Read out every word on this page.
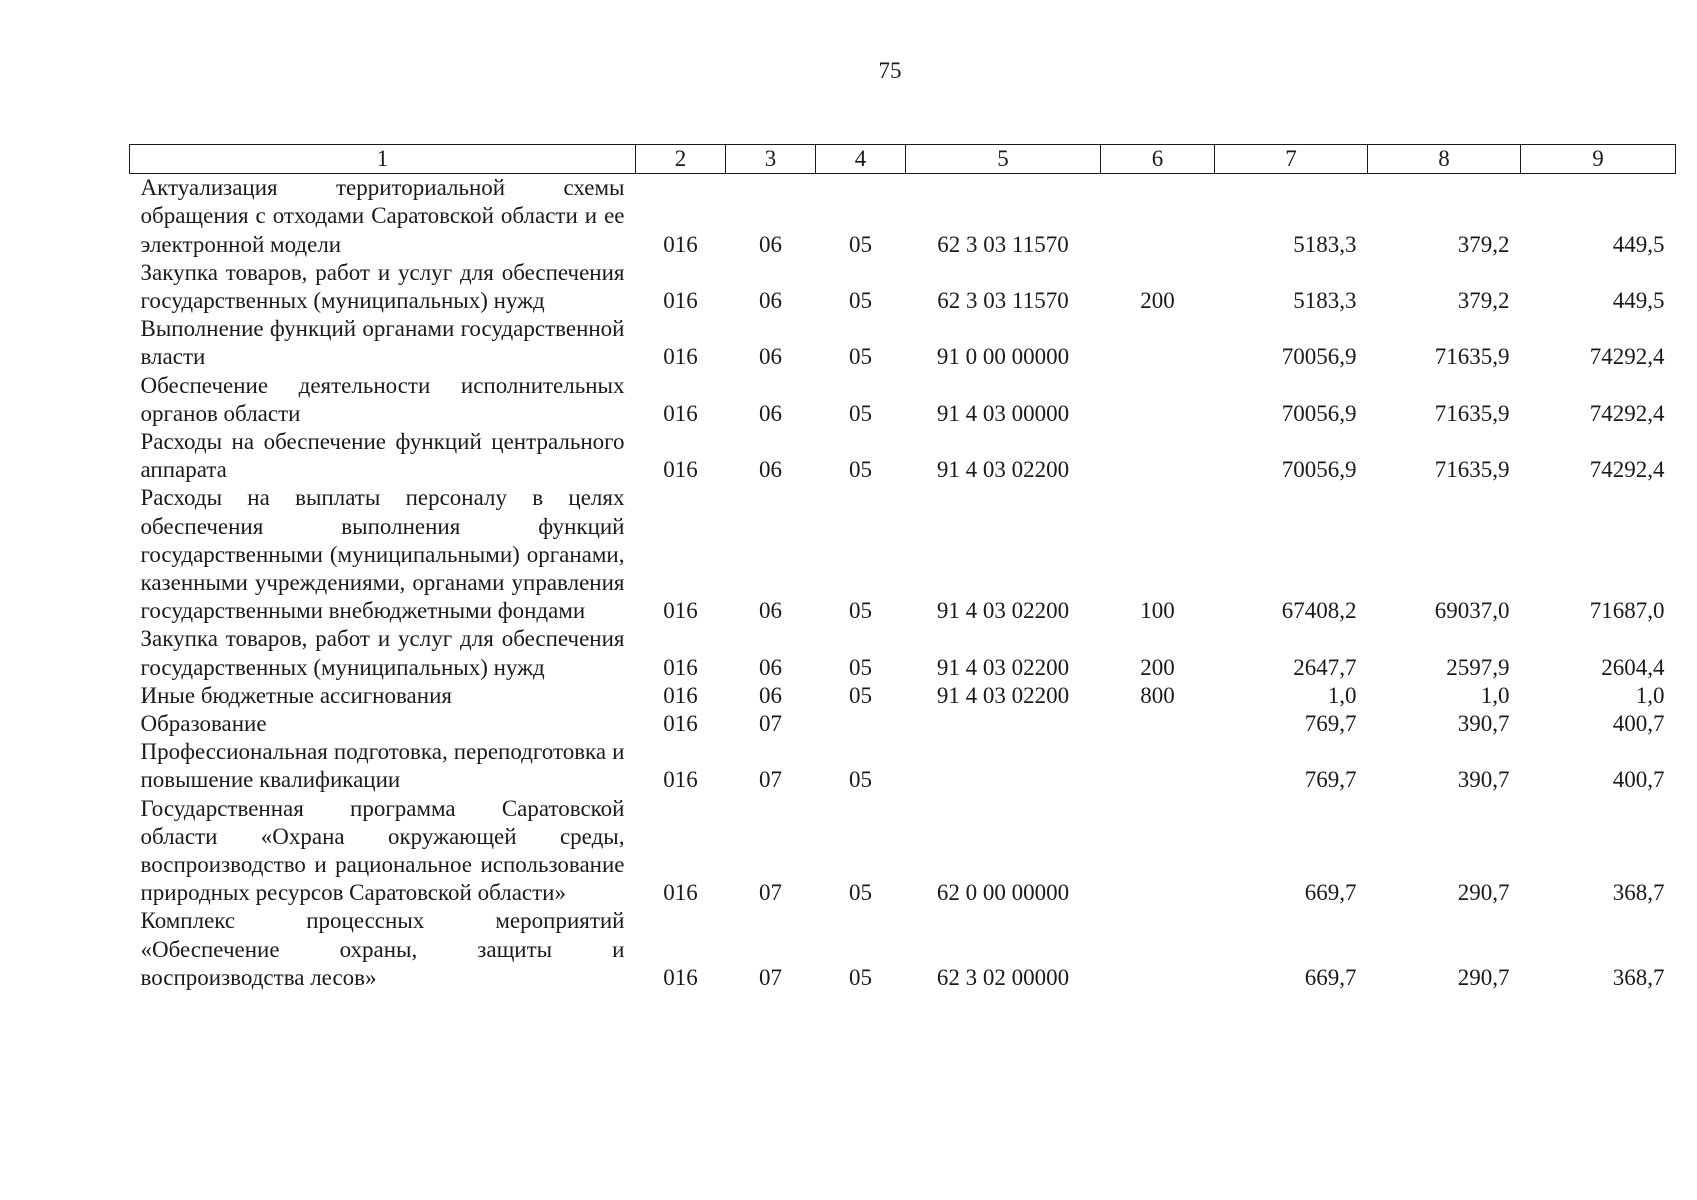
75
1	2	3	4	5	6	7	8	9
Актуализация территориальной схемы обращения с отходами Саратовской области и ее электронной модели	016	06	05	62 3 03 11570		5183,3	379,2	449,5
Закупка товаров, работ и услуг для обеспечения государственных (муниципальных) нужд	016	06	05	62 3 03 11570	200	5183,3	379,2	449,5
Выполнение функций органами государственной власти	016	06	05	91 0 00 00000		70056,9	71635,9	74292,4
Обеспечение деятельности исполнительных органов области	016	06	05	91 4 03 00000		70056,9	71635,9	74292,4
Расходы на обеспечение функций центрального аппарата	016	06	05	91 4 03 02200		70056,9	71635,9	74292,4
Расходы на выплаты персоналу в целях обеспечения выполнения функций государственными (муниципальными) органами, казенными учреждениями, органами управления государственными внебюджетными фондами	016	06	05	91 4 03 02200	100	67408,2	69037,0	71687,0
Закупка товаров, работ и услуг для обеспечения государственных (муниципальных) нужд	016	06	05	91 4 03 02200	200	2647,7	2597,9	2604,4
Иные бюджетные ассигнования	016	06	05	91 4 03 02200	800	1,0	1,0	1,0
Образование	016	07				769,7	390,7	400,7
Профессиональная подготовка, переподготовка и повышение квалификации	016	07	05			769,7	390,7	400,7
Государственная программа Саратовской области «Охрана окружающей среды, воспроизводство и рациональное использование природных ресурсов Саратовской области»	016	07	05	62 0 00 00000		669,7	290,7	368,7
Комплекс процессных мероприятий «Обеспечение охраны, защиты и воспроизводства лесов»	016	07	05	62 3 02 00000		669,7	290,7	368,7
